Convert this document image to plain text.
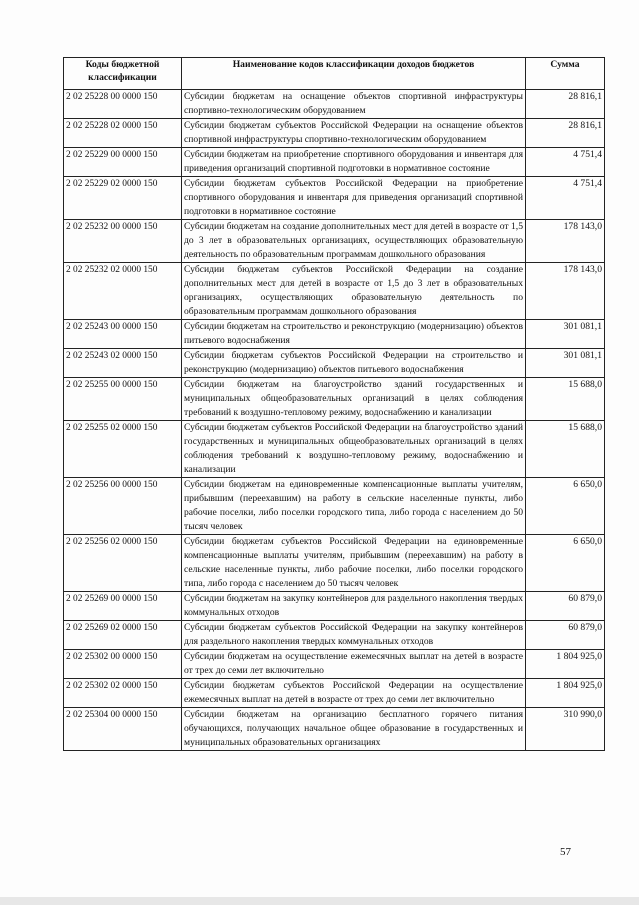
Коды бюджетной классификации	Наименование кодов классификации доходов бюджетов	Сумма
2 02 25228 00 0000 150	Субсидии бюджетам на оснащение объектов спортивной инфраструктуры спортивно-технологическим оборудованием	28 816,1
2 02 25228 02 0000 150	Субсидии бюджетам субъектов Российской Федерации на оснащение объектов спортивной инфраструктуры спортивно-технологическим оборудованием	28 816,1
2 02 25229 00 0000 150	Субсидии бюджетам на приобретение спортивного оборудования и инвентаря для приведения организаций спортивной подготовки в нормативное состояние	4 751,4
2 02 25229 02 0000 150	Субсидии бюджетам субъектов Российской Федерации на приобретение спортивного оборудования и инвентаря для приведения организаций спортивной подготовки в нормативное состояние	4 751,4
2 02 25232 00 0000 150	Субсидии бюджетам на создание дополнительных мест для детей в возрасте от 1,5 до 3 лет в образовательных организациях, осуществляющих образовательную деятельность по образовательным программам дошкольного образования	178 143,0
2 02 25232 02 0000 150	Субсидии бюджетам субъектов Российской Федерации на создание дополнительных мест для детей в возрасте от 1,5 до 3 лет в образовательных организациях, осуществляющих образовательную деятельность по образовательным программам дошкольного образования	178 143,0
2 02 25243 00 0000 150	Субсидии бюджетам на строительство и реконструкцию (модернизацию) объектов питьевого водоснабжения	301 081,1
2 02 25243 02 0000 150	Субсидии бюджетам субъектов Российской Федерации на строительство и реконструкцию (модернизацию) объектов питьевого водоснабжения	301 081,1
2 02 25255 00 0000 150	Субсидии бюджетам на благоустройство зданий государственных и муниципальных общеобразовательных организаций в целях соблюдения требований к воздушно-тепловому режиму, водоснабжению и канализации	15 688,0
2 02 25255 02 0000 150	Субсидии бюджетам субъектов Российской Федерации на благоустройство зданий государственных и муниципальных общеобразовательных организаций в целях соблюдения требований к воздушно-тепловому режиму, водоснабжению и канализации	15 688,0
2 02 25256 00 0000 150	Субсидии бюджетам на единовременные компенсационные выплаты учителям, прибывшим (переехавшим) на работу в сельские населенные пункты, либо рабочие поселки, либо поселки городского типа, либо города с населением до 50 тысяч человек	6 650,0
2 02 25256 02 0000 150	Субсидии бюджетам субъектов Российской Федерации на единовременные компенсационные выплаты учителям, прибывшим (переехавшим) на работу в сельские населенные пункты, либо рабочие поселки, либо поселки городского типа, либо города с населением до 50 тысяч человек	6 650,0
2 02 25269 00 0000 150	Субсидии бюджетам на закупку контейнеров для раздельного накопления твердых коммунальных отходов	60 879,0
2 02 25269 02 0000 150	Субсидии бюджетам субъектов Российской Федерации на закупку контейнеров для раздельного накопления твердых коммунальных отходов	60 879,0
2 02 25302 00 0000 150	Субсидии бюджетам на осуществление ежемесячных выплат на детей в возрасте от трех до семи лет включительно	1 804 925,0
2 02 25302 02 0000 150	Субсидии бюджетам субъектов Российской Федерации на осуществление ежемесячных выплат на детей в возрасте от трех до семи лет включительно	1 804 925,0
2 02 25304 00 0000 150	Субсидии бюджетам на организацию бесплатного горячего питания обучающихся, получающих начальное общее образование в государственных и муниципальных образовательных организациях	310 990,0
57
